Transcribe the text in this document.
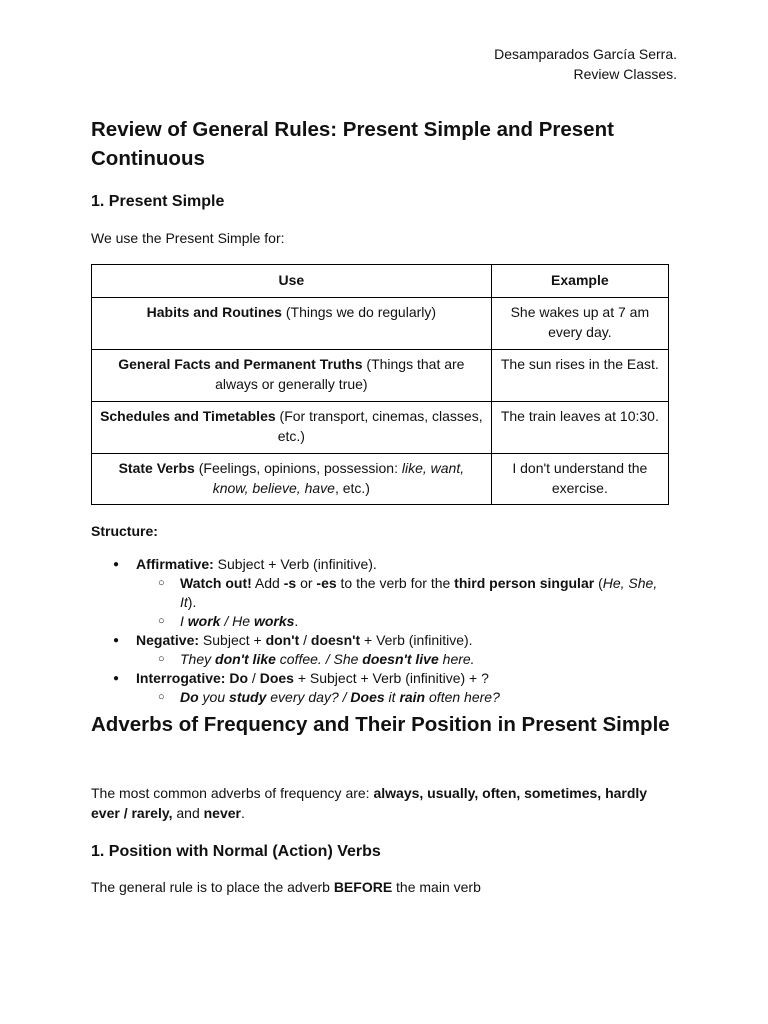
Desamparados García Serra.
Review Classes.
Review of General Rules: Present Simple and Present Continuous
1. Present Simple

We use the Present Simple for:

Use	Example
Habits and Routines (Things we do regularly)	She wakes up at 7 am every day.
General Facts and Permanent Truths (Things that are always or generally true)	The sun rises in the East.
Schedules and Timetables (For transport, cinemas, classes, etc.)	The train leaves at 10:30.
State Verbs (Feelings, opinions, possession: like, want, know, believe, have, etc.)	I don't understand the exercise.

Structure:

● Affirmative: Subject + Verb (infinitive).
○ Watch out! Add -s or -es to the verb for the third person singular (He, She, It).
○ I work / He works.
● Negative: Subject + don't / doesn't + Verb (infinitive).
○ They don't like coffee. / She doesn't live here.
● Interrogative: Do / Does + Subject + Verb (infinitive) + ?
○ Do you study every day? / Does it rain often here?
Adverbs of Frequency and Their Position in Present Simple

The most common adverbs of frequency are: always, usually, often, sometimes, hardly ever / rarely, and never.

1. Position with Normal (Action) Verbs

The general rule is to place the adverb BEFORE the main verb
